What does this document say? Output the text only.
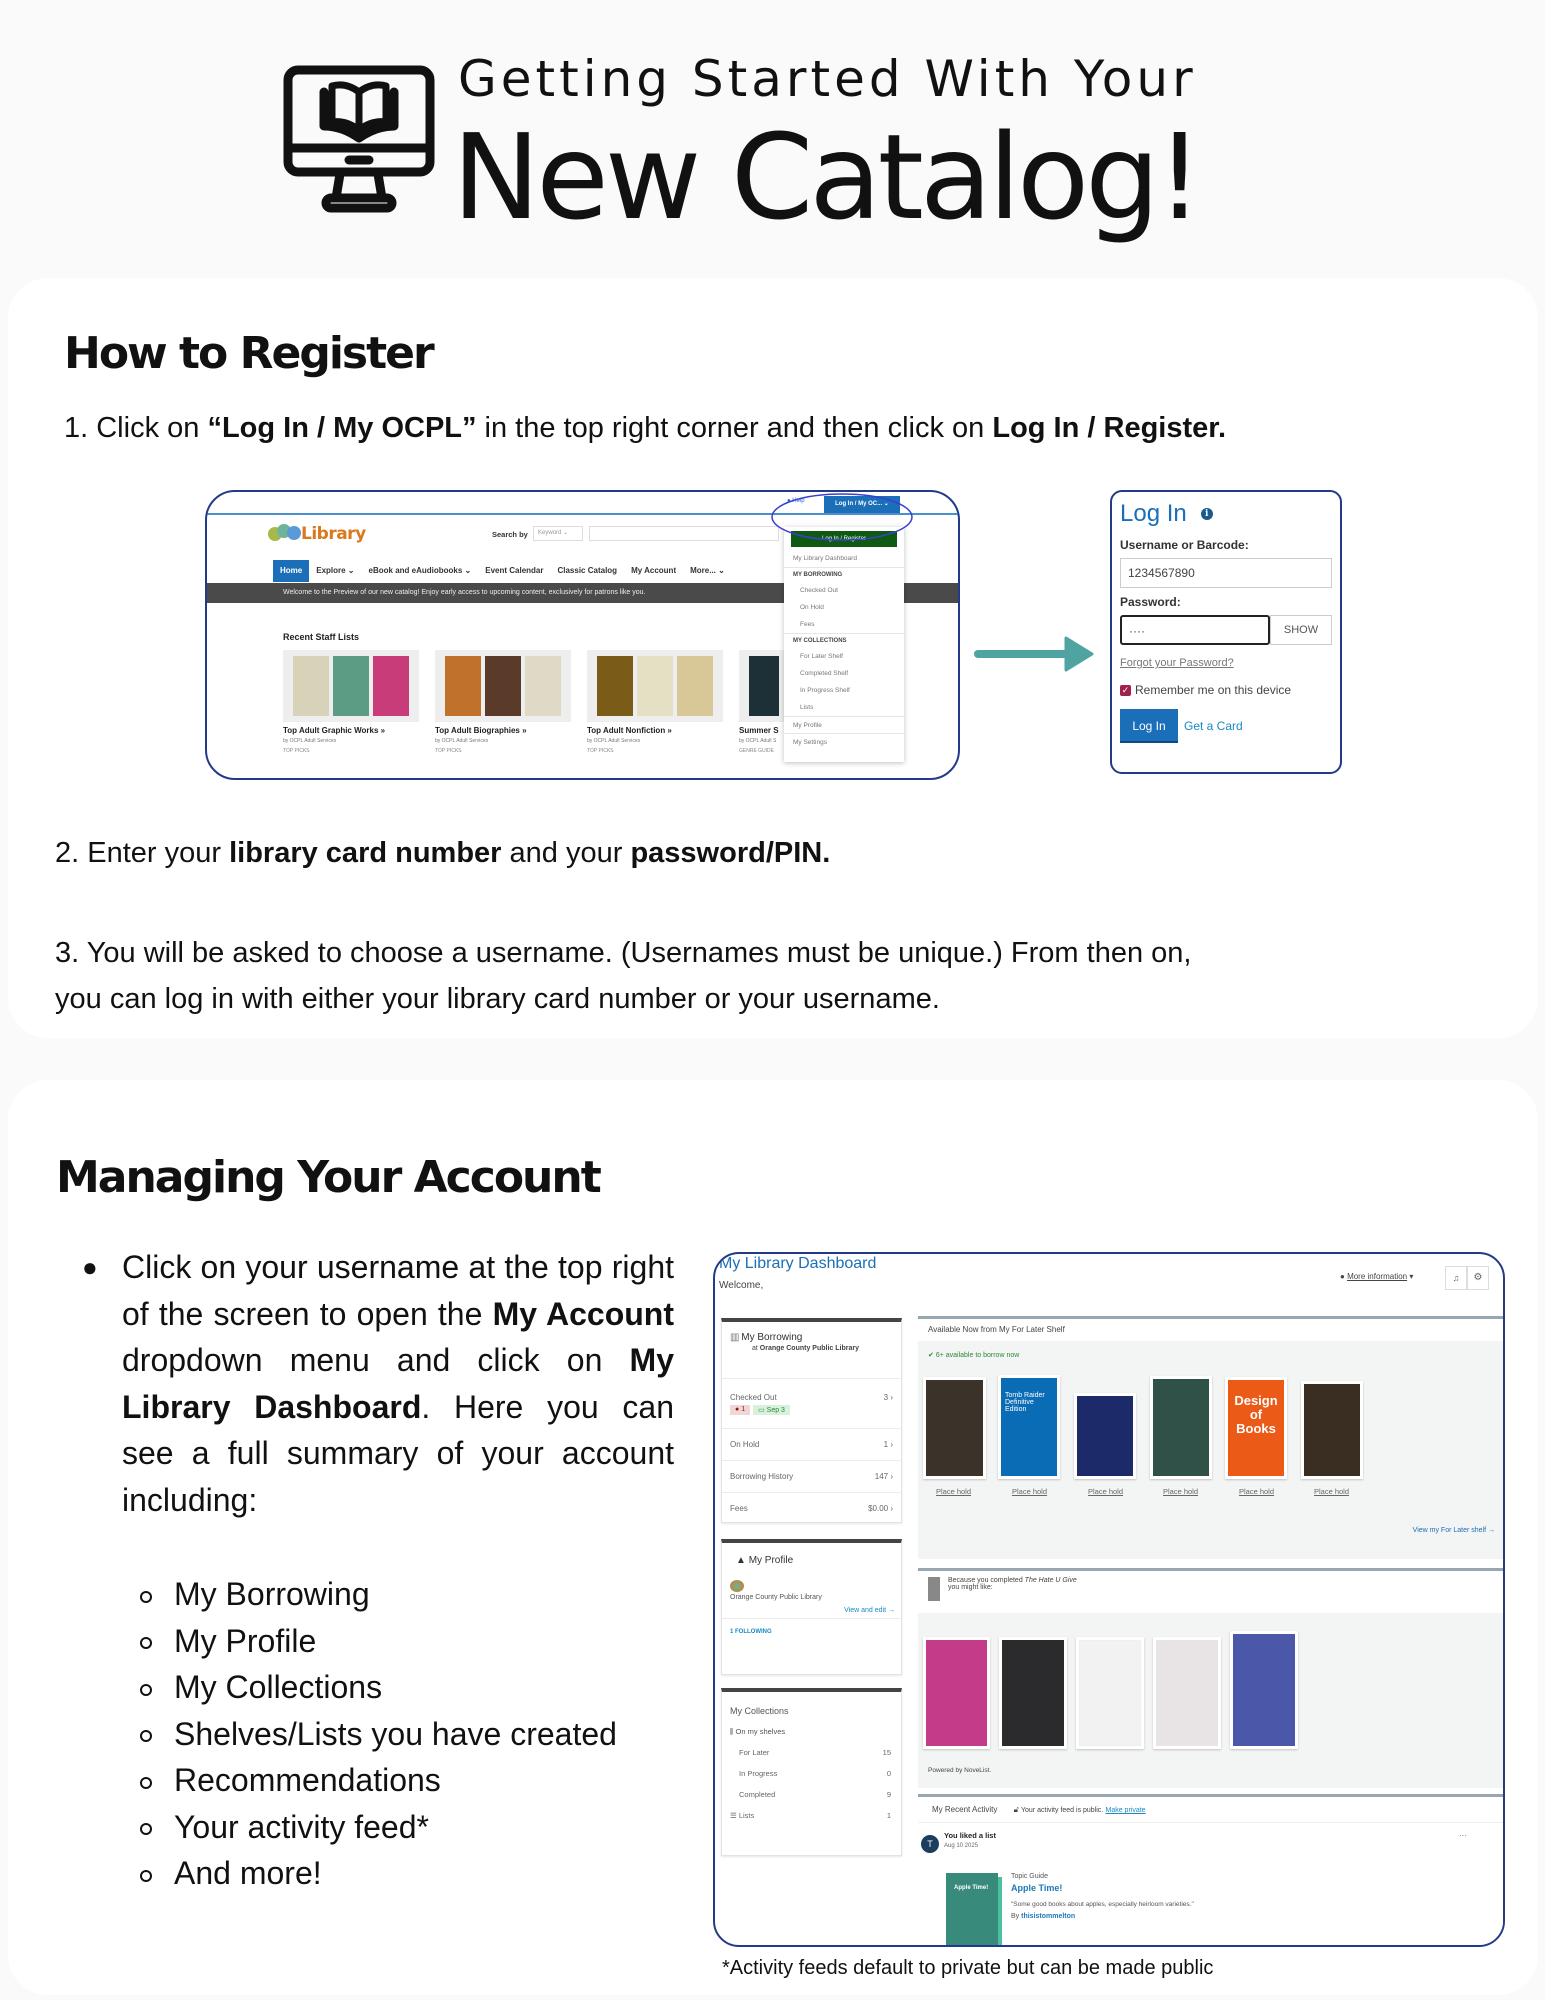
Getting Started With Your
New Catalog!
How to Register
1. Click on “Log In / My OCPL” in the top right corner and then click on Log In / Register.
Library	Search by	Keyword ⌄
Home	Explore ⌄	eBook and eAudiobooks ⌄	Event Calendar	Classic Catalog	My Account	More... ⌄
Welcome to the Preview of our new catalog! Enjoy early access to upcoming content, exclusively for patrons like you.
Recent Staff Lists
Top Adult Graphic Works »
by OCPL Adult Services
TOP PICKS
Top Adult Biographies »
by OCPL Adult Services
TOP PICKS
Top Adult Nonfiction »
by OCPL Adult Services
TOP PICKS
Summer S
by OCPL Adult S
GENRE GUIDE
● Help	Log In / My OC... ⌄
Log In / Register
My Library Dashboard
MY BORROWING
Checked Out
On Hold
Fees
MY COLLECTIONS
For Later Shelf
Completed Shelf
In Progress Shelf
Lists
My Profile
My Settings
Log In	i
Username or Barcode:
1234567890
Password:
····	SHOW
Forgot your Password?
✓ Remember me on this device
Log In	Get a Card
2. Enter your library card number and your password/PIN.
3. You will be asked to choose a username. (Usernames must be unique.) From then on,
you can log in with either your library card number or your username.
Managing Your Account
● Click on your username at the top right of the screen to open the My Account dropdown menu and click on My Library Dashboard. Here you can see a full summary of your account including:
My Borrowing
My Profile
My Collections
Shelves/Lists you have created
Recommendations
Your activity feed*
And more!
My Library Dashboard
Welcome,
● More information ▾	♫	⚙
▥ My Borrowing
at Orange County Public Library
Checked Out	3 ›
● 1	▭ Sep 3
On Hold	1 ›
Borrowing History	147 ›
Fees	$0.00 ›
▲ My Profile
Orange County Public Library
View and edit →
1 FOLLOWING
My Collections
⫼ On my shelves
For Later	15
In Progress	0
Completed	9
☰ Lists	1
Available Now from My For Later Shelf
✔ 6+ available to borrow now
Tomb Raider
Definitive
Edition
Design
of
Books
Place hold	Place hold	Place hold	Place hold	Place hold	Place hold
View my For Later shelf →
Because you completed The Hate U Give
you might like:
Powered by NoveList.
My Recent Activity 🔓︎ Your activity feed is public. Make private
T
You liked a list
Aug 10 2025
···
Apple Time!
Topic Guide
Apple Time!
"Some good books about apples, especially heirloom varieties."
By thisistommelton
*Activity feeds default to private but can be made public
